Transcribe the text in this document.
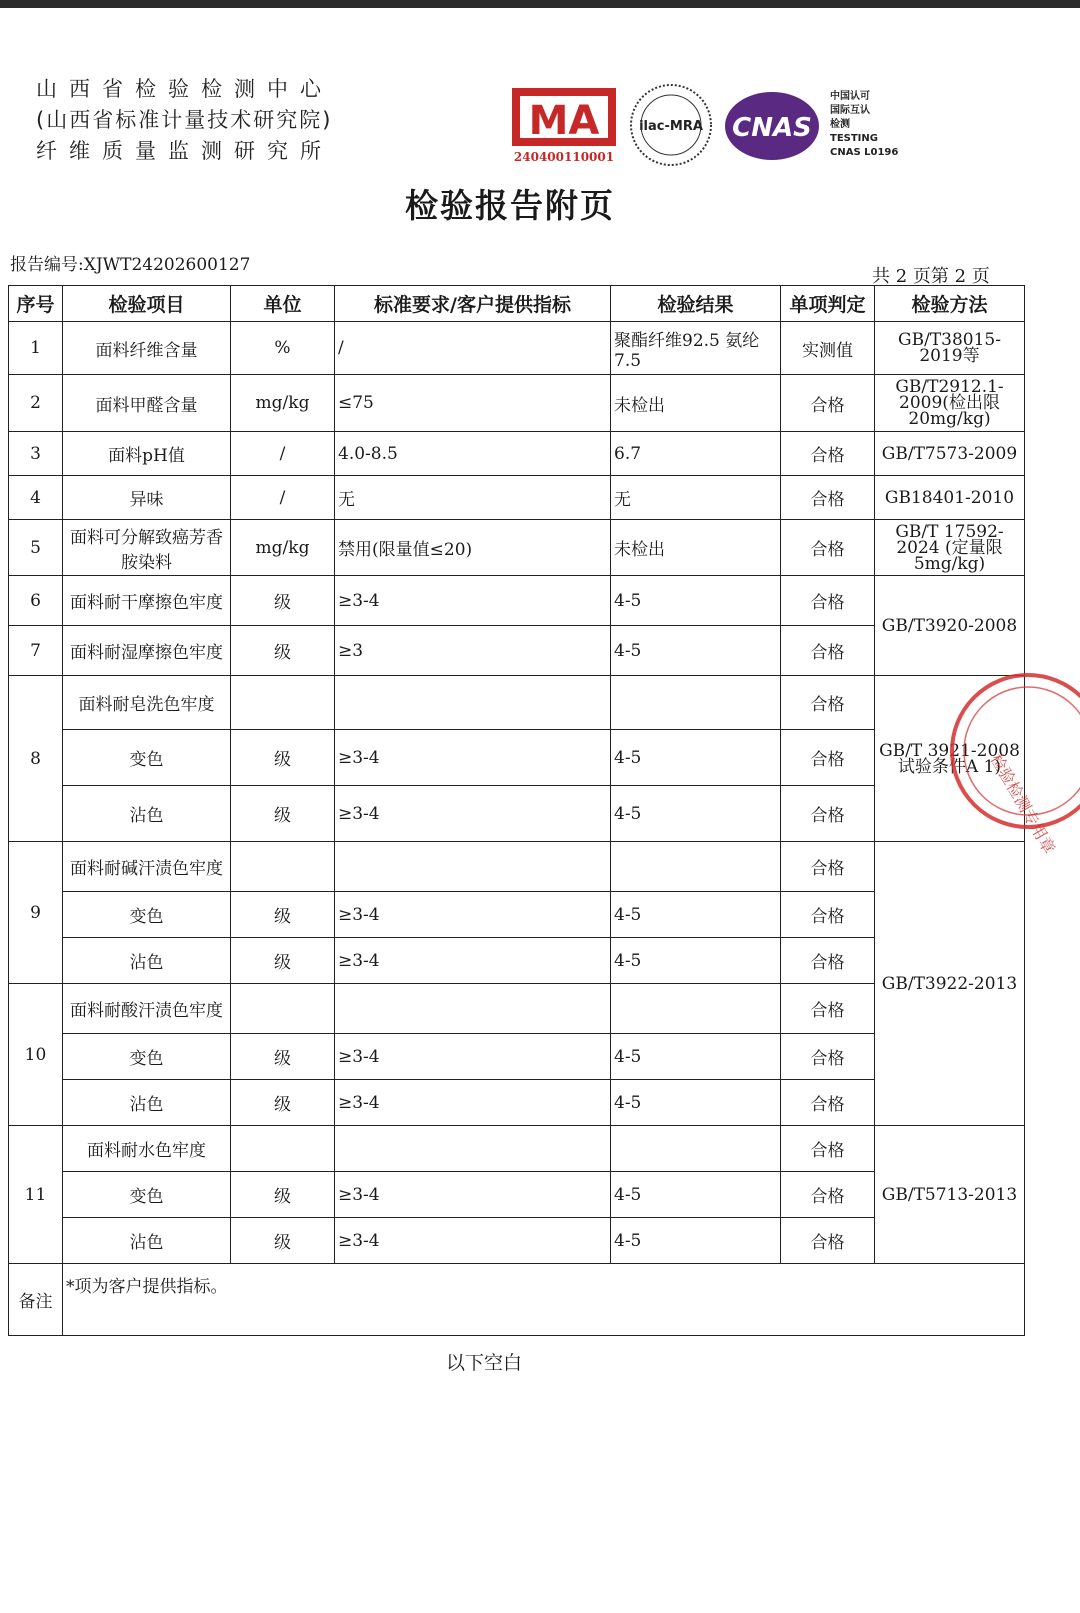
山西省检验检测中心
(山西省标准计量技术研究院)
纤维质量监测研究所
MA
240400110001
ilac-MRA CNAS
中国认可
国际互认
检测
TESTING
CNAS L0196
检验报告附页
报告编号:XJWT24202600127
共 2 页第 2 页
序号	检验项目	单位	标准要求/客户提供指标	检验结果	单项判定	检验方法
1	面料纤维含量	%	/	聚酯纤维92.5 氨纶7.5	实测值	GB/T38015-2019等
2	面料甲醛含量	mg/kg	≤75	未检出	合格	GB/T2912.1-2009(检出限20mg/kg)
3	面料pH值	/	4.0-8.5	6.7	合格	GB/T7573-2009
4	异味	/	无	无	合格	GB18401-2010
5	面料可分解致癌芳香胺染料	mg/kg	禁用(限量值≤20)	未检出	合格	GB/T 17592-2024 (定量限5mg/kg)
6	面料耐干摩擦色牢度	级	≥3-4	4-5	合格	GB/T3920-2008
7	面料耐湿摩擦色牢度	级	≥3	4-5	合格	
8	面料耐皂洗色牢度				合格	GB/T 3921-2008试验条件A 1)
	变色	级	≥3-4	4-5	合格	
	沾色	级	≥3-4	4-5	合格	
9	面料耐碱汗渍色牢度				合格	GB/T3922-2013
	变色	级	≥3-4	4-5	合格	
	沾色	级	≥3-4	4-5	合格	
10	面料耐酸汗渍色牢度				合格	
	变色	级	≥3-4	4-5	合格	
	沾色	级	≥3-4	4-5	合格	
11	面料耐水色牢度				合格	GB/T5713-2013
	变色	级	≥3-4	4-5	合格	
	沾色	级	≥3-4	4-5	合格	
备注	*项为客户提供指标。					
检验检测专用章
以下空白
